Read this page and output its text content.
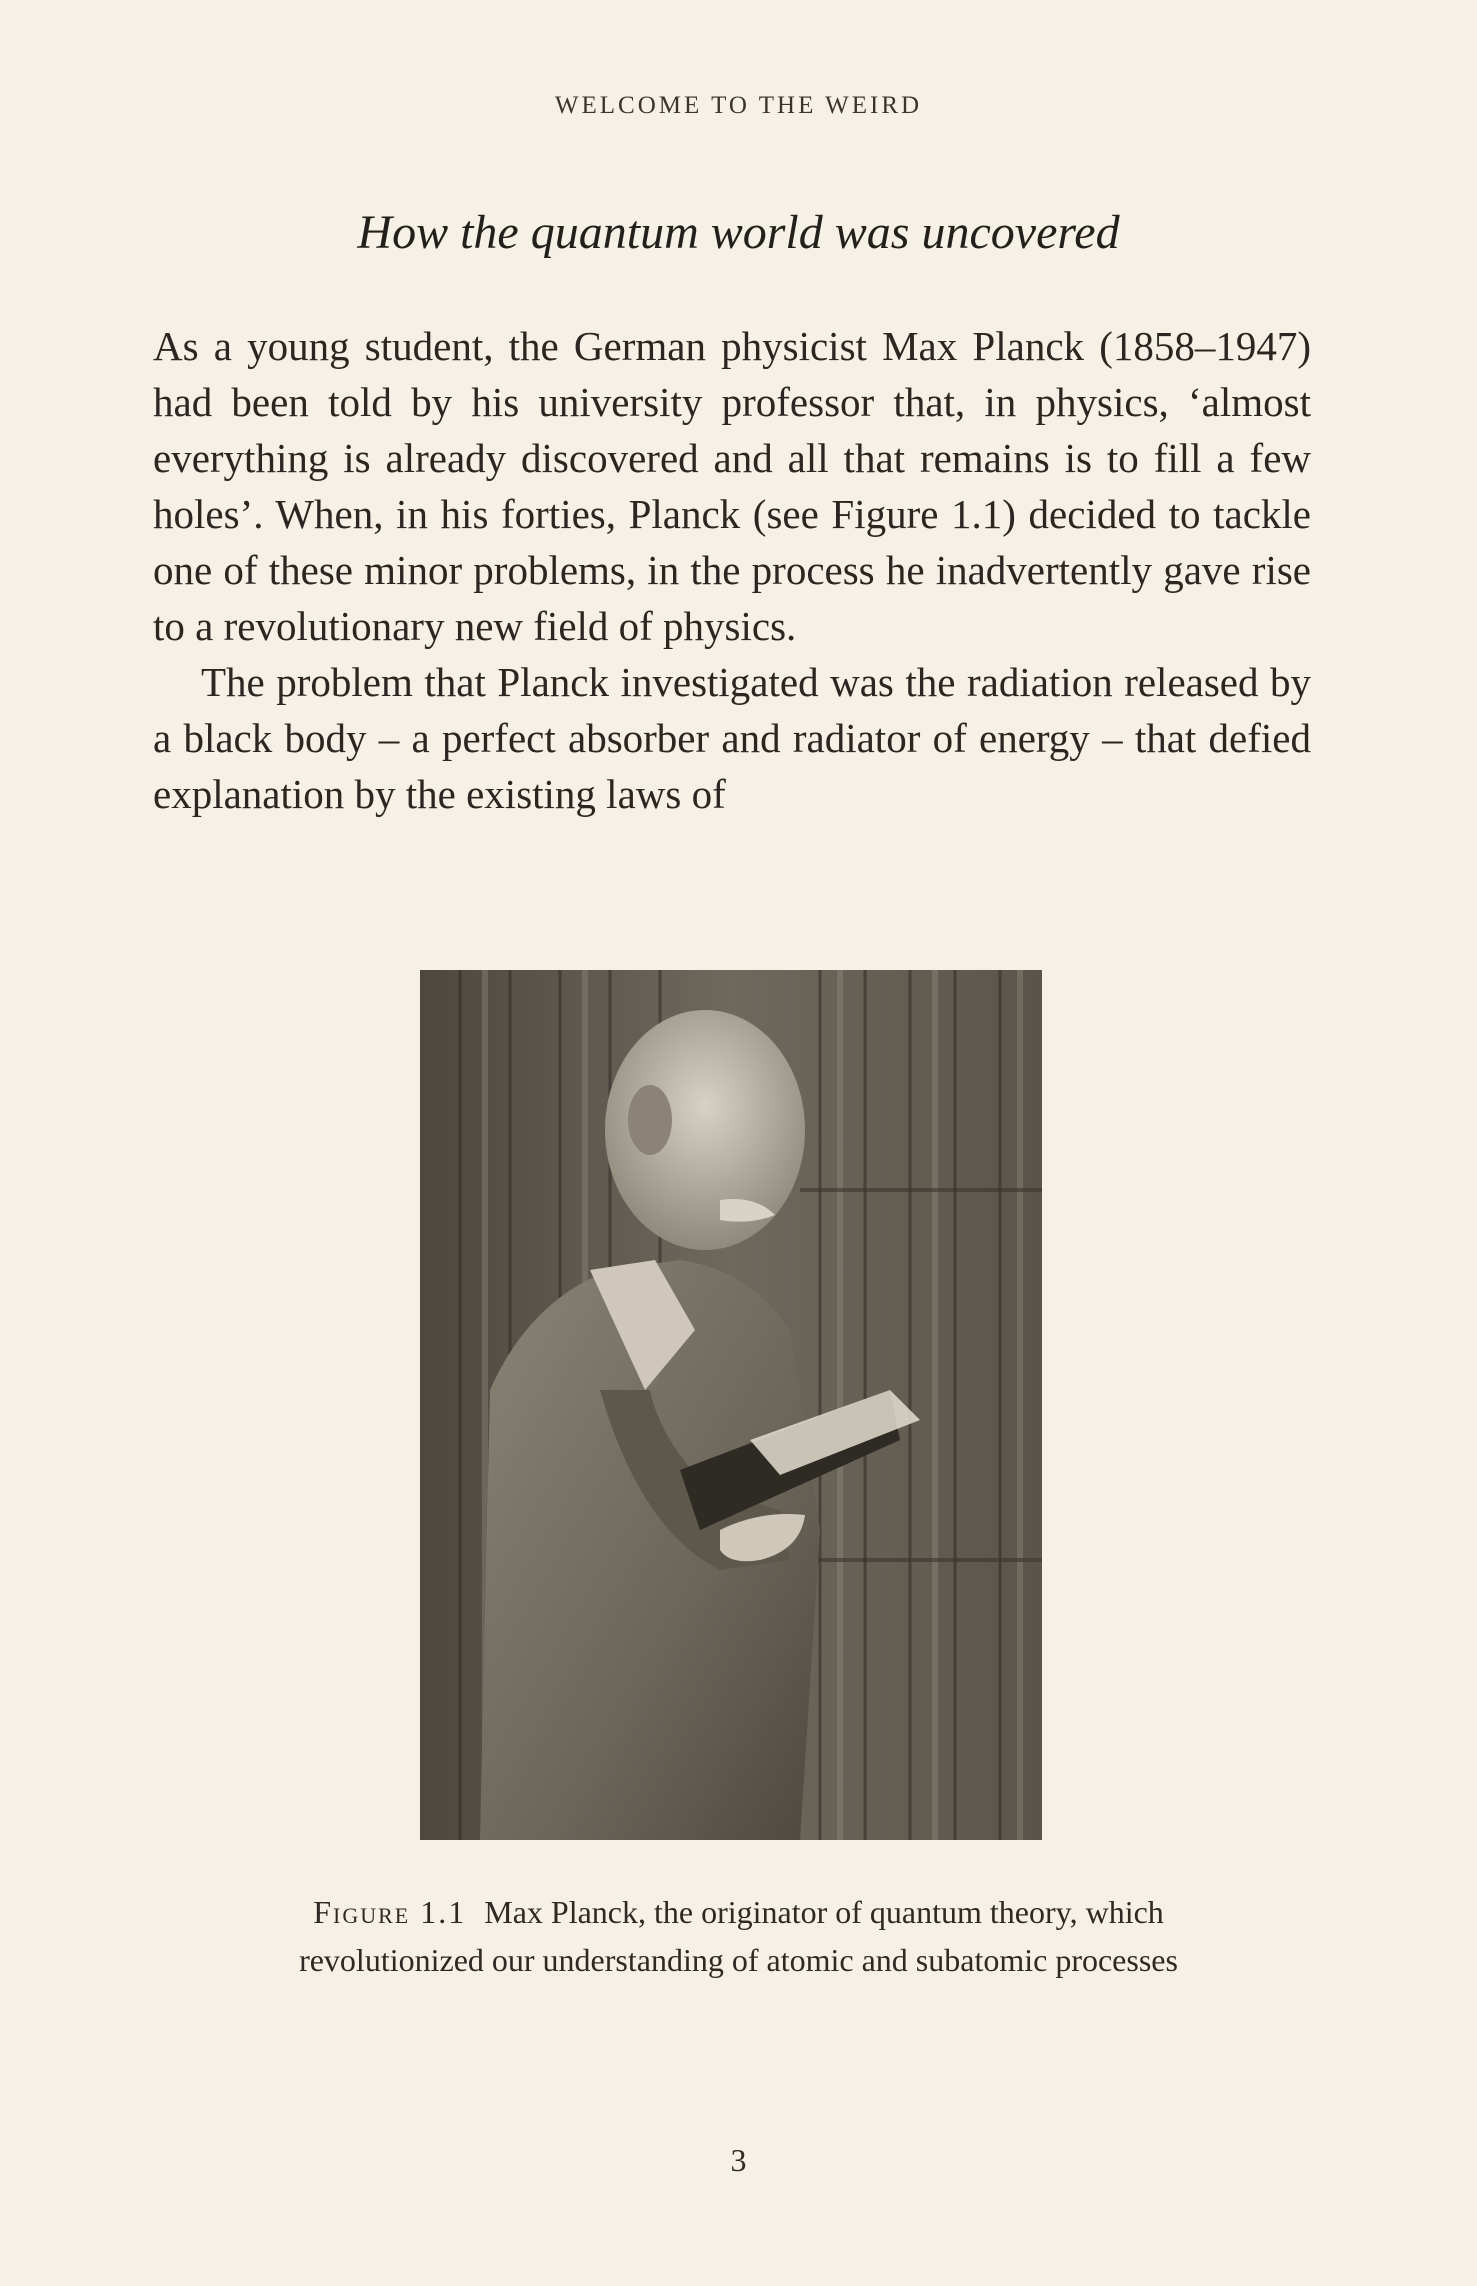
WELCOME TO THE WEIRD
How the quantum world was uncovered

As a young student, the German physicist Max Planck (1858–1947) had been told by his university professor that, in physics, ‘almost everything is already discovered and all that remains is to fill a few holes’. When, in his forties, Planck (see Figure 1.1) decided to tackle one of these minor problems, in the process he inadvertently gave rise to a revolutionary new field of physics.

The problem that Planck investigated was the radiation released by a black body – a perfect absorber and radiator of energy – that defied explanation by the existing laws of

Figure 1.1 Max Planck, the originator of quantum theory, which revolutionized our understanding of atomic and subatomic processes
3
